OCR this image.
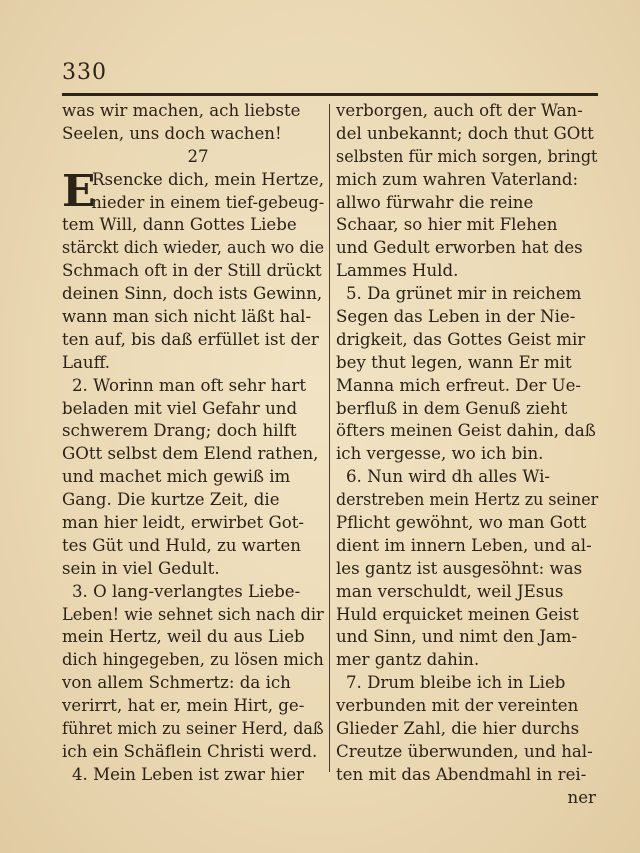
330
E
was wir machen, ach liebste
Seelen, uns doch wachen!
27
Rsencke dich, mein Hertze,
nieder in einem tief-gebeug-
tem Will, dann Gottes Liebe
stärckt dich wieder, auch wo die
Schmach oft in der Still drückt
deinen Sinn, doch ists Gewinn,
wann man sich nicht läßt hal-
ten auf, bis daß erfüllet ist der
Lauff.
2. Worinn man oft sehr hart
beladen mit viel Gefahr und
schwerem Drang; doch hilft
GOtt selbst dem Elend rathen,
und machet mich gewiß im
Gang. Die kurtze Zeit, die
man hier leidt, erwirbet Got-
tes Güt und Huld, zu warten
sein in viel Gedult.
3. O lang-verlangtes Liebe-
Leben! wie sehnet sich nach dir
mein Hertz, weil du aus Lieb
dich hingegeben, zu lösen mich
von allem Schmertz: da ich
verirrt, hat er, mein Hirt, ge-
führet mich zu seiner Herd, daß
ich ein Schäflein Christi werd.
4. Mein Leben ist zwar hier
verborgen, auch oft der Wan-
del unbekannt; doch thut GOtt
selbsten für mich sorgen, bringt
mich zum wahren Vaterland:
allwo fürwahr die reine
Schaar, so hier mit Flehen
und Gedult erworben hat des
Lammes Huld.
5. Da grünet mir in reichem
Segen das Leben in der Nie-
drigkeit, das Gottes Geist mir
bey thut legen, wann Er mit
Manna mich erfreut. Der Ue-
berfluß in dem Genuß zieht
öfters meinen Geist dahin, daß
ich vergesse, wo ich bin.
6. Nun wird dh alles Wi-
derstreben mein Hertz zu seiner
Pflicht gewöhnt, wo man Gott
dient im innern Leben, und al-
les gantz ist ausgesöhnt: was
man verschuldt, weil JEsus
Huld erquicket meinen Geist
und Sinn, und nimt den Jam-
mer gantz dahin.
7. Drum bleibe ich in Lieb
verbunden mit der vereinten
Glieder Zahl, die hier durchs
Creutze überwunden, und hal-
ten mit das Abendmahl in rei-
ner
